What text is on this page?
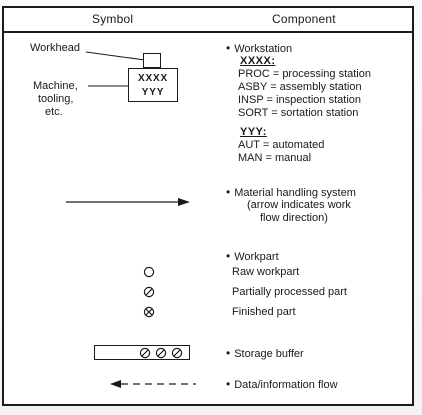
Symbol	Component
Workhead
Machine,
tooling,
etc.
XXXX
YYY
• Workstation
XXXX:
PROC = processing station
ASBY = assembly station
INSP = inspection station
SORT = sortation station
YYY:
AUT = automated
MAN = manual
• Material handling system
(arrow indicates work
flow direction)
• Workpart
Raw workpart
Partially processed part
Finished part
• Storage buffer
• Data/information flow
